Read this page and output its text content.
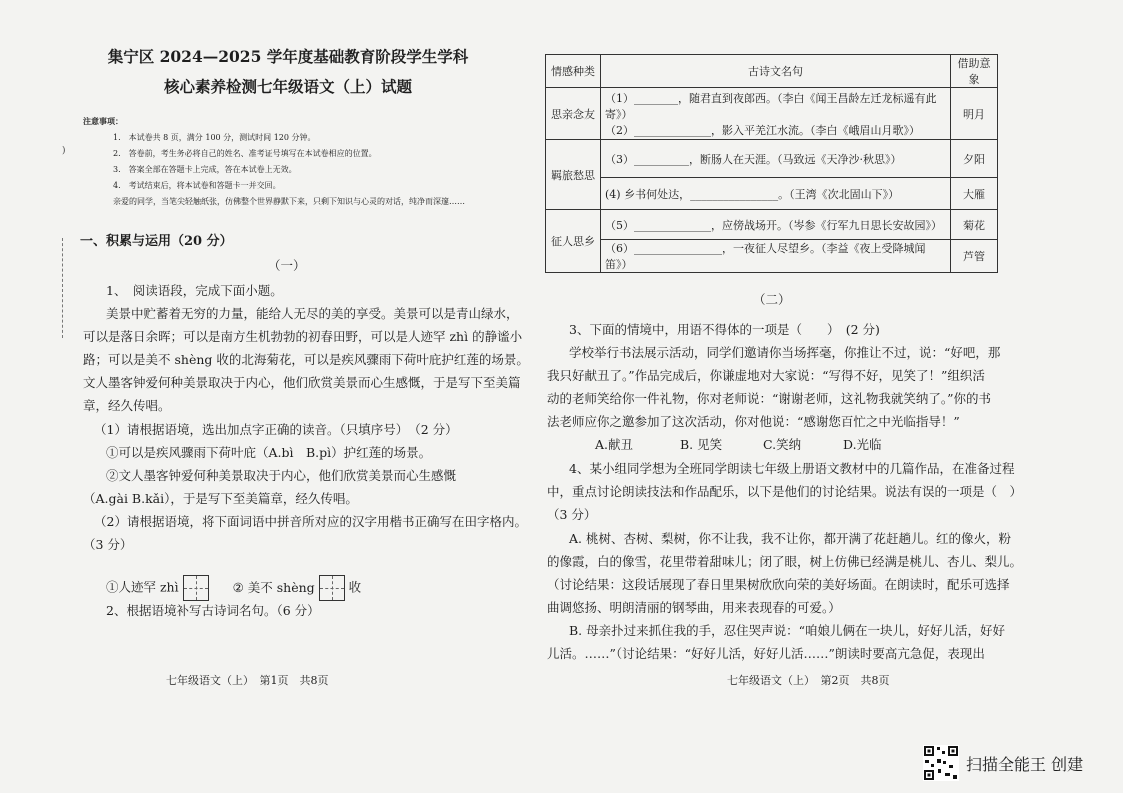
)
集宁区 2024—2025 学年度基础教育阶段学生学科
核心素养检测七年级语文（上）试题
注意事项：
1.　本试卷共 8 页，满分 100 分，测试时间 120 分钟。
2.　答卷前，考生务必将自己的姓名、准考证号填写在本试卷相应的位置。
3.　答案全部在答题卡上完成，答在本试卷上无效。
4.　考试结束后，将本试卷和答题卡一并交回。
亲爱的同学，当笔尖轻触纸张，仿佛整个世界静默下来，只剩下知识与心灵的对话，纯净而深邃……
一、积累与运用（20 分）
（一）
1、　阅读语段，完成下面小题。
美景中贮蓄着无穷的力量，能给人无尽的美的享受。美景可以是青山绿水，
可以是落日余晖；可以是南方生机勃勃的初春田野，可以是人迹罕 zhì 的静谧小
路；可以是美不 shèng 收的北海菊花，可以是疾风骤雨下荷叶庇护红莲的场景。
文人墨客钟爱何种美景取决于内心，他们欣赏美景而心生感慨，于是写下至美篇
章，经久传唱。
（1）请根据语境，选出加点字正确的读音。（只填序号）　（2 分）
①可以是疾风骤雨下荷叶庇（A.bì　B.pì）护红莲的场景。
②文人墨客钟爱何种美景取决于内心，他们欣赏美景而心生感慨
（A.gài B.kǎi），于是写下至美篇章，经久传唱。
（2）请根据语境，将下面词语中拼音所对应的汉字用楷书正确写在田字格内。
（3 分）
①人迹罕 zhì	② 美不 shèng	收
2、根据语境补写古诗词名句。（6 分）
七年级语文（上）　第1页　共8页
情感种类	古诗文名句	借助意象
思亲念友	（1）________，随君直到夜郎西。（李白《闻王昌龄左迁龙标遥有此寄》）
（2）______________，影入平羌江水流。（李白《峨眉山月歌》）	明月
羁旅愁思	（3）__________，断肠人在天涯。（马致远《天净沙·秋思》）	夕阳
	(4) 乡书何处达，________________。（王湾《次北固山下》）	大雁
征人思乡	（5）______________，应傍战场开。（岑参《行军九日思长安故园》）	菊花
	（6）________________，一夜征人尽望乡。（李益《夜上受降城闻笛》）	芦管
（二）
3、下面的情境中，用语不得体的一项是（　　）　(2 分)
学校举行书法展示活动，同学们邀请你当场挥毫，你推让不过，说：“好吧，那
我只好献丑了。”作品完成后，你谦虚地对大家说：“写得不好，见笑了！”组织活
动的老师笑给你一件礼物，你对老师说：“谢谢老师，这礼物我就笑纳了。”你的书
法老师应你之邀参加了这次活动，你对他说：“感谢您百忙之中光临指导！”
A.献丑	B. 见笑	C.笑纳	D.光临
4、某小组同学想为全班同学朗读七年级上册语文教材中的几篇作品，在准备过程
中，重点讨论朗读技法和作品配乐，以下是他们的讨论结果。说法有误的一项是（　）
（3 分）
A. 桃树、杏树、梨树，你不让我，我不让你，都开满了花赶趟儿。红的像火，粉
的像霞，白的像雪，花里带着甜味儿；闭了眼，树上仿佛已经满是桃儿、杏儿、梨儿。
（讨论结果：这段话展现了春日里果树欣欣向荣的美好场面。在朗读时，配乐可选择
曲调悠扬、明朗清丽的钢琴曲，用来表现春的可爱。）
B. 母亲扑过来抓住我的手，忍住哭声说：“咱娘儿俩在一块儿，好好儿活，好好
儿活。……”（讨论结果：“好好儿活，好好儿活……”朗读时要高亢急促，表现出
七年级语文（上）　第2页　共8页
扫描全能王 创建
